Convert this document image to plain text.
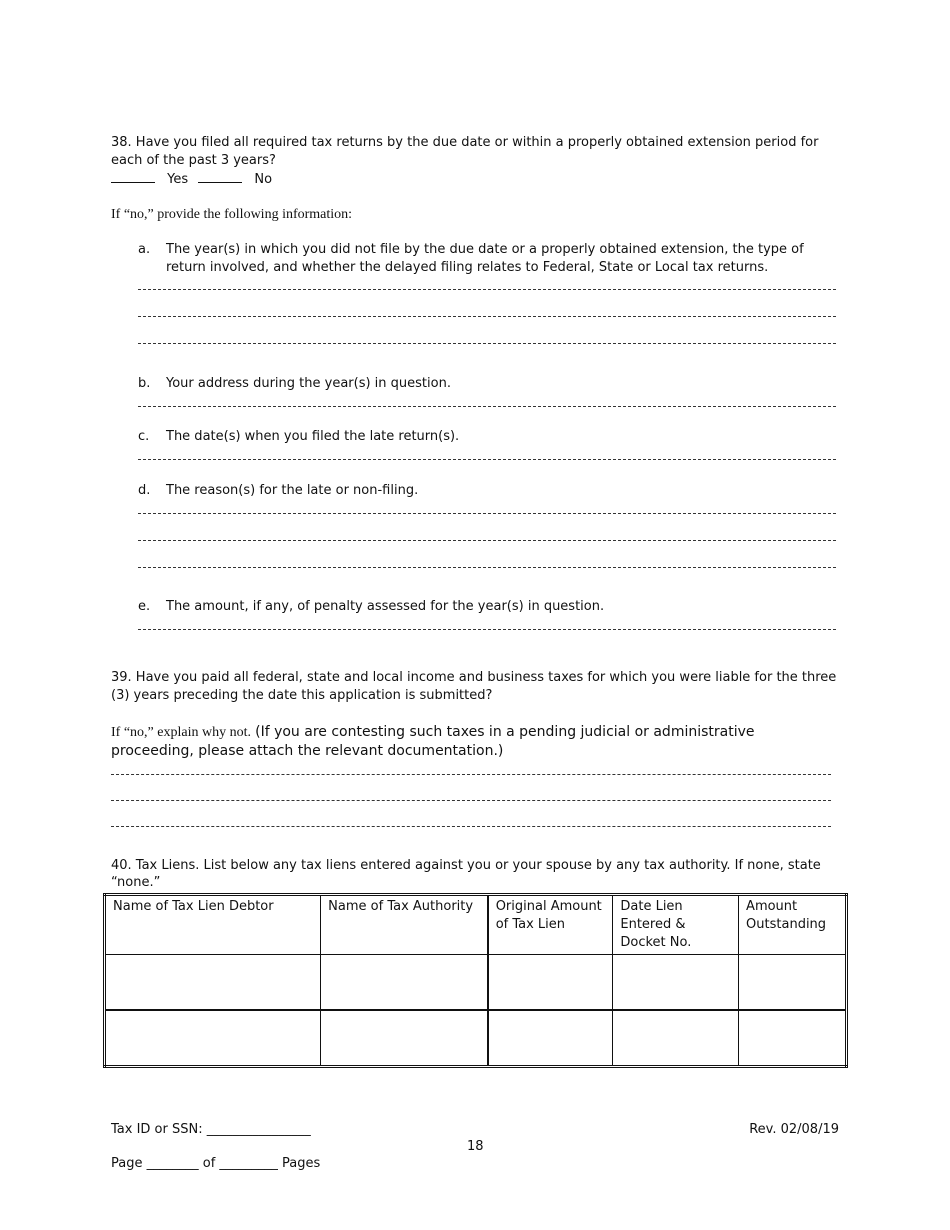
38. Have you filed all required tax returns by the due date or within a properly obtained extension period for each of the past 3 years?
Yes	No
If “no,” provide the following information:
a. The year(s) in which you did not file by the due date or a properly obtained extension, the type of return involved, and whether the delayed filing relates to Federal, State or Local tax returns.
b. Your address during the year(s) in question.
c. The date(s) when you filed the late return(s).
d. The reason(s) for the late or non-filing.
e. The amount, if any, of penalty assessed for the year(s) in question.
39. Have you paid all federal, state and local income and business taxes for which you were liable for the three (3) years preceding the date this application is submitted?
If “no,” explain why not. (If you are contesting such taxes in a pending judicial or administrative proceeding, please attach the relevant documentation.)
40. Tax Liens. List below any tax liens entered against you or your spouse by any tax authority. If none, state “none.”
Name of Tax Lien Debtor	Name of Tax Authority	Original Amount of Tax Lien	Date Lien Entered & Docket No.	Amount Outstanding

Tax ID or SSN: ________________
18
Rev. 02/08/19
Page ________ of _________ Pages
